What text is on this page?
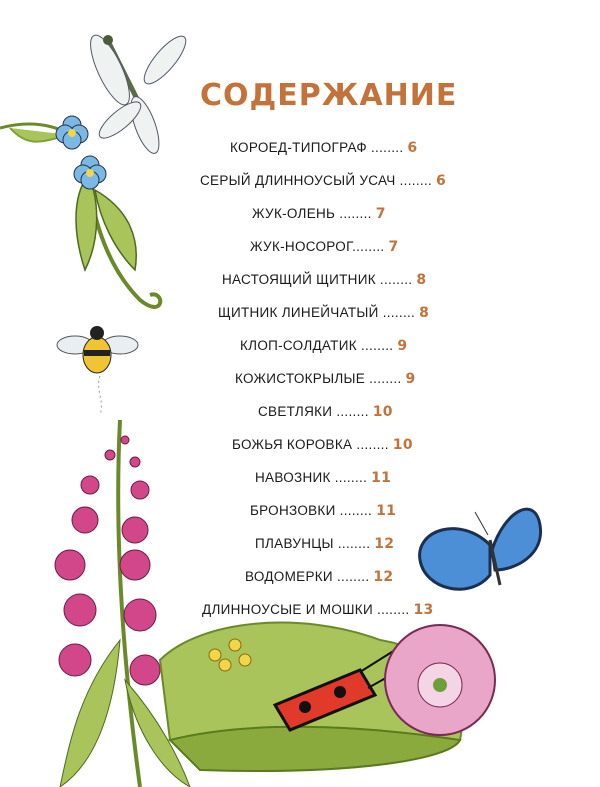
СОДЕРЖАНИЕ
КОРОЕД-ТИПОГРАФ ........ 6
СЕРЫЙ ДЛИННОУСЫЙ УСАЧ ........ 6
ЖУК-ОЛЕНЬ ........ 7
ЖУК-НОСОРОГ........ 7
НАСТОЯЩИЙ ЩИТНИК ........ 8
ЩИТНИК ЛИНЕЙЧАТЫЙ ........ 8
КЛОП-СОЛДАТИК ........ 9
КОЖИСТОКРЫЛЫЕ ........ 9
СВЕТЛЯКИ ........ 10
БОЖЬЯ КОРОВКА ........ 10
НАВОЗНИК ........ 11
БРОНЗОВКИ ........ 11
ПЛАВУНЦЫ ........ 12
ВОДОМЕРКИ ........ 12
ДЛИННОУСЫЕ И МОШКИ ........ 13
